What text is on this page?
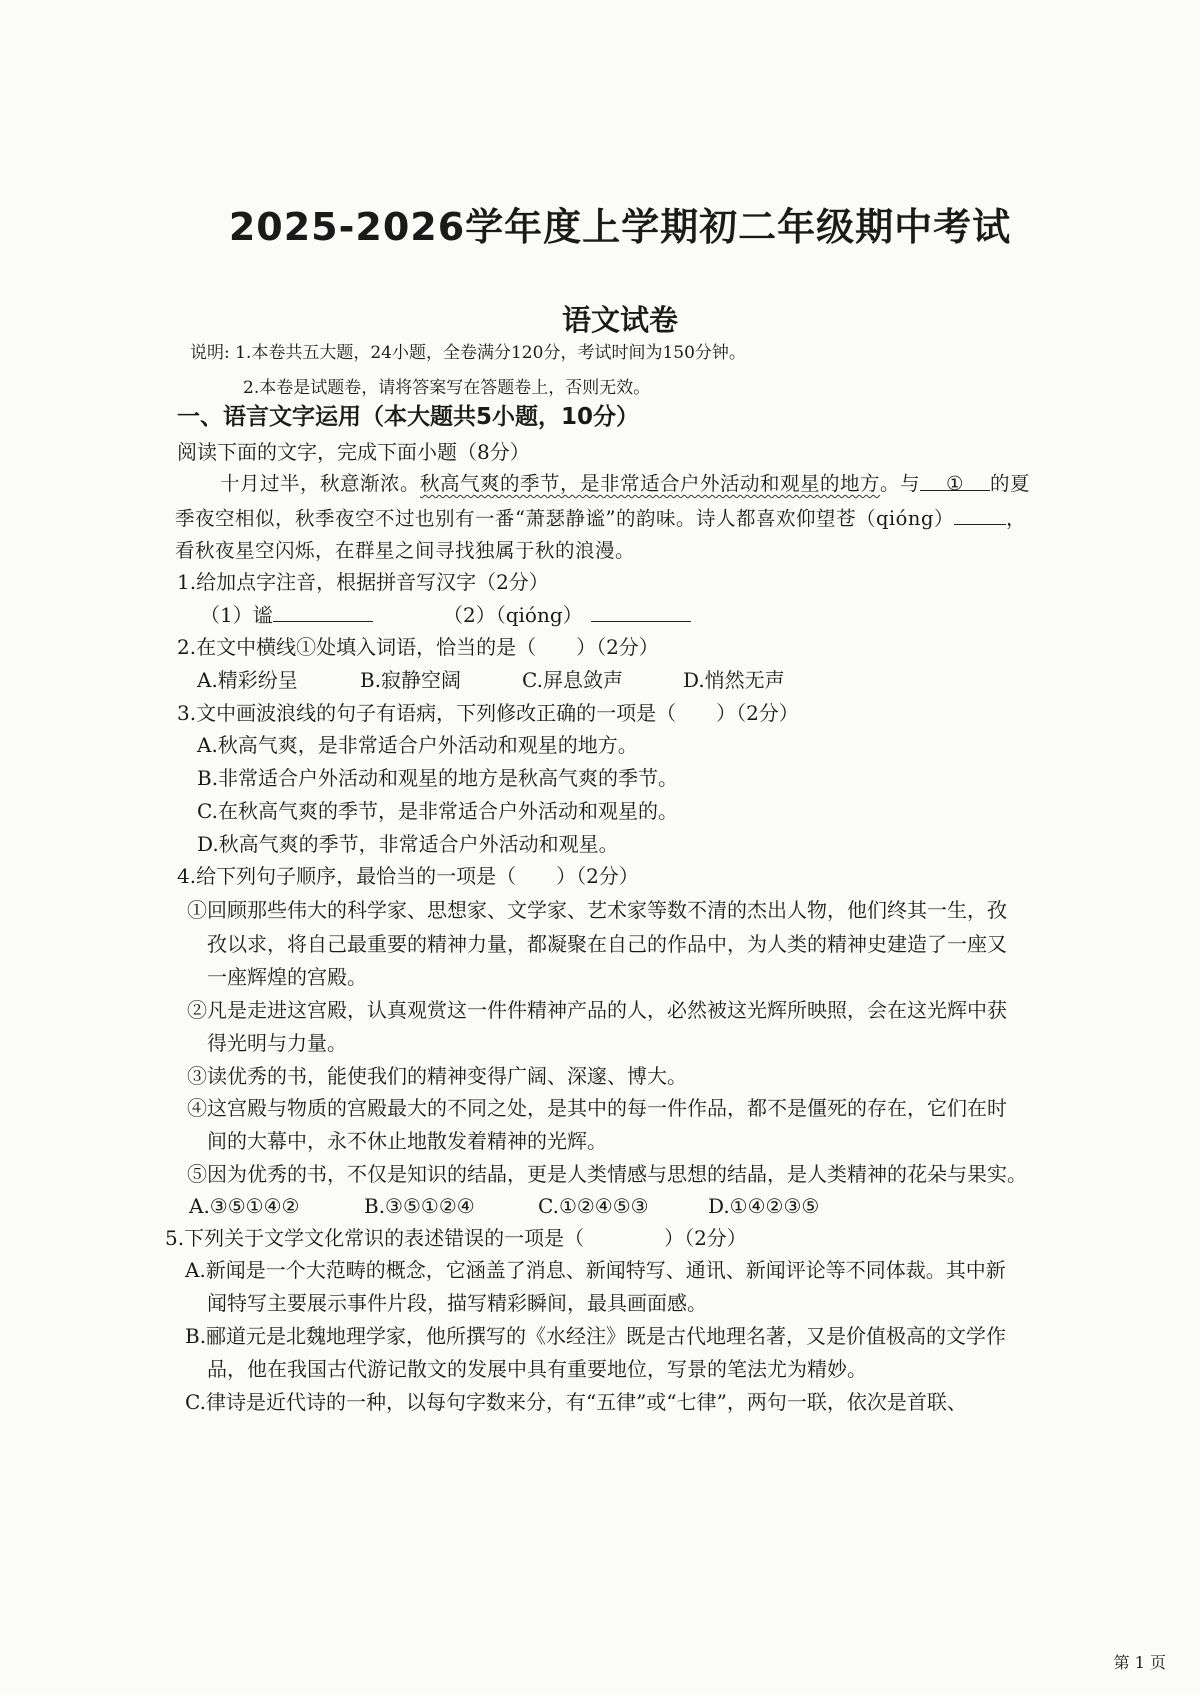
2025-2026学年度上学期初二年级期中考试
语文试卷
说明: 1.本卷共五大题，24小题，全卷满分120分，考试时间为150分钟。
2.本卷是试题卷，请将答案写在答题卷上，否则无效。
一、语言文字运用（本大题共5小题，10分）
阅读下面的文字，完成下面小题（8分）
十月过半，秋意渐浓。秋高气爽的季节，是非常适合户外活动和观星的地方。与 ① 的夏
季夜空相似，秋季夜空不过也别有一番“萧瑟静谧”的韵味。诗人都喜欢仰望苍（qióng）	，
看秋夜星空闪烁，在群星之间寻找独属于秋的浪漫。
1.给加点字注音，根据拼音写汉字（2分）
（1）谧	（2）（qióng）
2.在文中横线①处填入词语，恰当的是（　　）（2分）
A.精彩纷呈	B.寂静空阔	C.屏息敛声	D.悄然无声
3.文中画波浪线的句子有语病，下列修改正确的一项是（　　）（2分）
A.秋高气爽，是非常适合户外活动和观星的地方。
B.非常适合户外活动和观星的地方是秋高气爽的季节。
C.在秋高气爽的季节，是非常适合户外活动和观星的。
D.秋高气爽的季节，非常适合户外活动和观星。
4.给下列句子顺序，最恰当的一项是（　　）（2分）
①回顾那些伟大的科学家、思想家、文学家、艺术家等数不清的杰出人物，他们终其一生，孜
孜以求，将自己最重要的精神力量，都凝聚在自己的作品中，为人类的精神史建造了一座又
一座辉煌的宫殿。
②凡是走进这宫殿，认真观赏这一件件精神产品的人，必然被这光辉所映照，会在这光辉中获
得光明与力量。
③读优秀的书，能使我们的精神变得广阔、深邃、博大。
④这宫殿与物质的宫殿最大的不同之处，是其中的每一件作品，都不是僵死的存在，它们在时
间的大幕中，永不休止地散发着精神的光辉。
⑤因为优秀的书，不仅是知识的结晶，更是人类情感与思想的结晶，是人类精神的花朵与果实。
A.③⑤①④②	B.③⑤①②④	C.①②④⑤③	D.①④②③⑤
5.下列关于文学文化常识的表述错误的一项是（　　　　）（2分）
A.新闻是一个大范畴的概念，它涵盖了消息、新闻特写、通讯、新闻评论等不同体裁。其中新
闻特写主要展示事件片段，描写精彩瞬间，最具画面感。
B.郦道元是北魏地理学家，他所撰写的《水经注》既是古代地理名著，又是价值极高的文学作
品，他在我国古代游记散文的发展中具有重要地位，写景的笔法尤为精妙。
C.律诗是近代诗的一种，以每句字数来分，有“五律”或“七律”，两句一联，依次是首联、
第 1 页
